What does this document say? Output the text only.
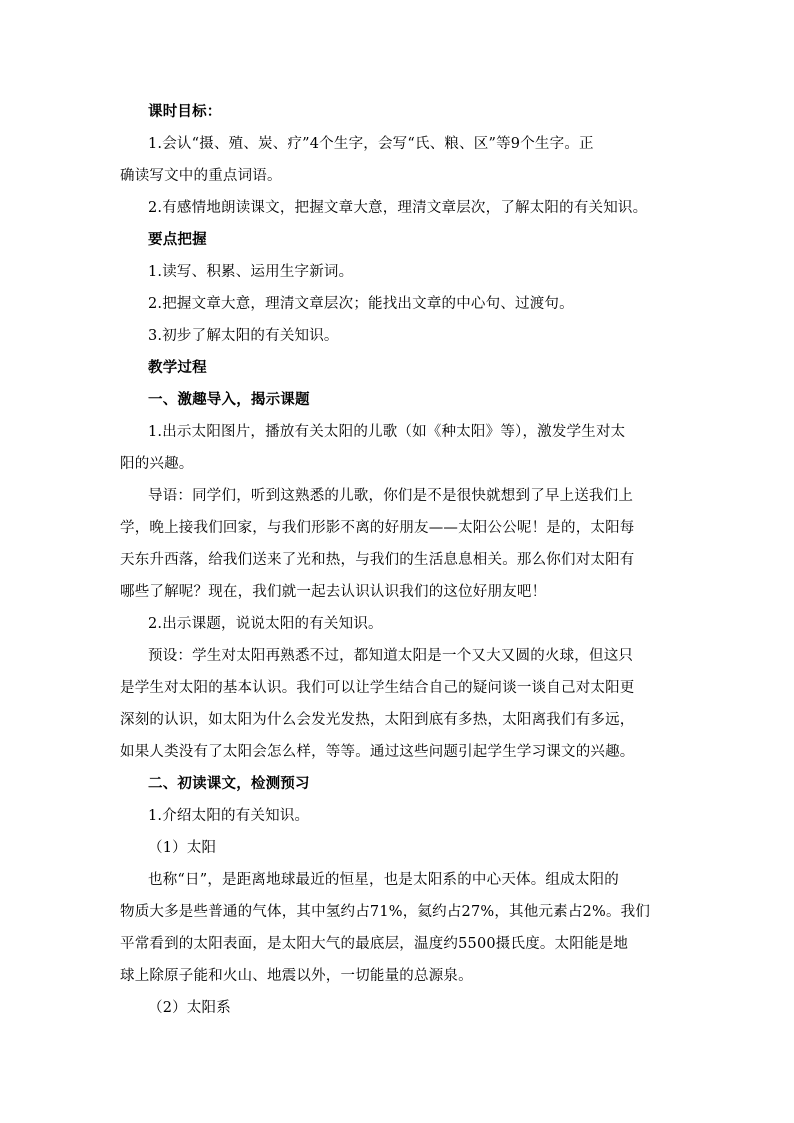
课时目标：
1.会认“摄、殖、炭、疗”4个生字，会写“氏、粮、区”等9个生字。正
确读写文中的重点词语。
2.有感情地朗读课文，把握文章大意，理清文章层次，了解太阳的有关知识。
要点把握
1.读写、积累、运用生字新词。
2.把握文章大意，理清文章层次；能找出文章的中心句、过渡句。
3.初步了解太阳的有关知识。
教学过程
一、激趣导入，揭示课题
1.出示太阳图片，播放有关太阳的儿歌（如《种太阳》等），激发学生对太
阳的兴趣。
导语：同学们，听到这熟悉的儿歌，你们是不是很快就想到了早上送我们上
学，晚上接我们回家，与我们形影不离的好朋友——太阳公公呢！是的，太阳每
天东升西落，给我们送来了光和热，与我们的生活息息相关。那么你们对太阳有
哪些了解呢？现在，我们就一起去认识认识我们的这位好朋友吧！
2.出示课题，说说太阳的有关知识。
预设：学生对太阳再熟悉不过，都知道太阳是一个又大又圆的火球，但这只
是学生对太阳的基本认识。我们可以让学生结合自己的疑问谈一谈自己对太阳更
深刻的认识，如太阳为什么会发光发热，太阳到底有多热，太阳离我们有多远，
如果人类没有了太阳会怎么样，等等。通过这些问题引起学生学习课文的兴趣。
二、初读课文，检测预习
1.介绍太阳的有关知识。
（1）太阳
也称“日”，是距离地球最近的恒星，也是太阳系的中心天体。组成太阳的
物质大多是些普通的气体，其中氢约占71%，氦约占27%，其他元素占2%。我们
平常看到的太阳表面，是太阳大气的最底层，温度约5500摄氏度。太阳能是地
球上除原子能和火山、地震以外，一切能量的总源泉。
（2）太阳系
